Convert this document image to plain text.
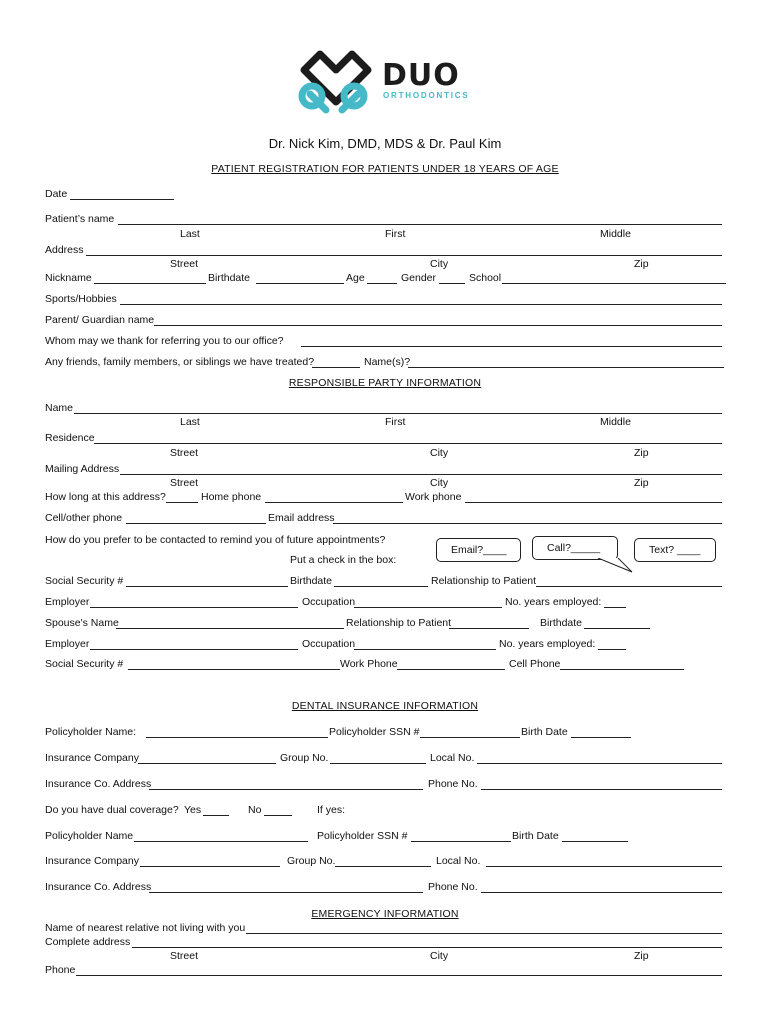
DUO
ORTHODONTICS
Dr. Nick Kim, DMD, MDS & Dr. Paul Kim
PATIENT REGISTRATION FOR PATIENTS UNDER 18 YEARS OF AGE
Date
Patient’s name
Last	First	Middle
Address
Street	City	Zip
Nickname	Birthdate	Age	Gender	School
Sports/Hobbies
Parent/ Guardian name
Whom may we thank for referring you to our office?
Any friends, family members, or siblings we have treated?	Name(s)?
RESPONSIBLE PARTY INFORMATION
Name
Last	First	Middle
Residence
Street	City	Zip
Mailing Address
Street	City	Zip
How long at this address?	Home phone	Work phone
Cell/other phone	Email address
How do you prefer to be contacted to remind you of future appointments?
Put a check in the box:
Email?____	Call?_____	Text? ____
Social Security #	Birthdate	Relationship to Patient
Employer	Occupation	No. years employed:
Spouse's Name	Relationship to Patient	Birthdate
Employer	Occupation	No. years employed:
Social Security #	Work Phone	Cell Phone
DENTAL INSURANCE INFORMATION
Policyholder Name:	Policyholder SSN #	Birth Date
Insurance Company	Group No.	Local No.
Insurance Co. Address	Phone No.
Do you have dual coverage? Yes	No	If yes:
Policyholder Name	Policyholder SSN #	Birth Date
Insurance Company	Group No.	Local No.
Insurance Co. Address	Phone No.
EMERGENCY INFORMATION
Name of nearest relative not living with you
Complete address
Street	City	Zip
Phone
